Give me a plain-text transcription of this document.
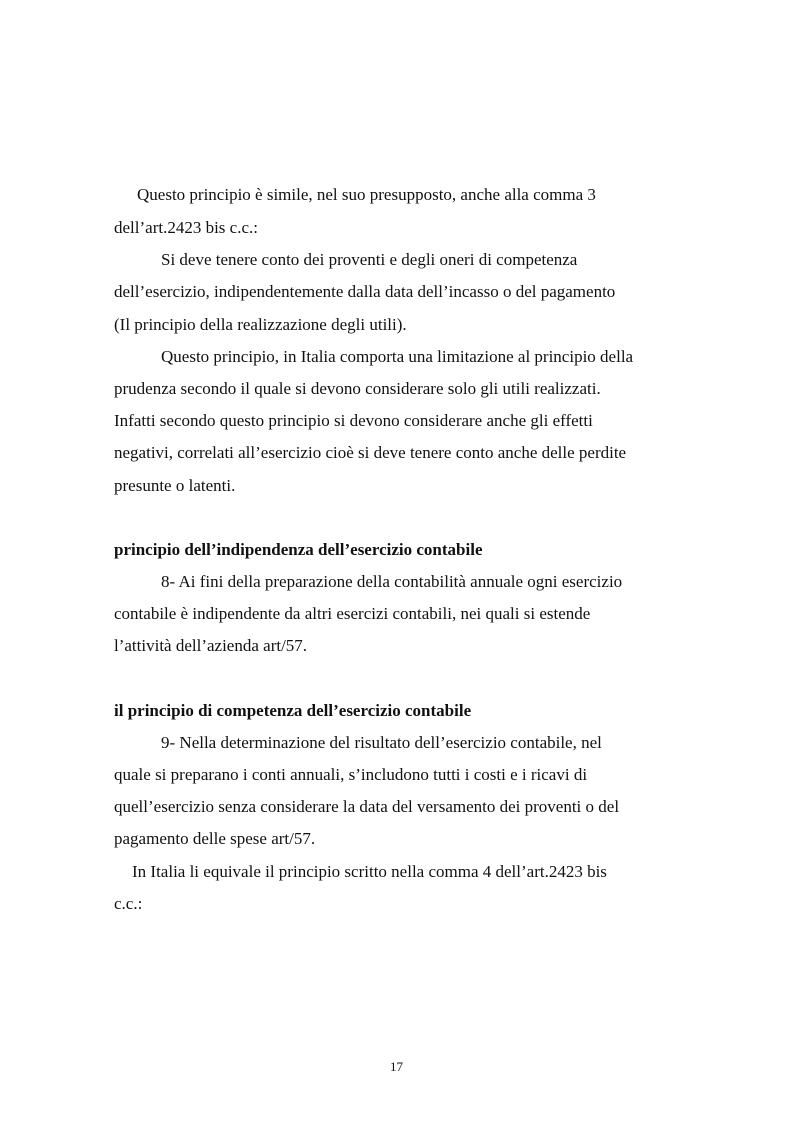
Questo principio è simile, nel suo presupposto, anche alla comma 3
dell’art.2423 bis c.c.:
Si deve tenere conto dei proventi e degli oneri di competenza
dell’esercizio, indipendentemente dalla data dell’incasso o del pagamento
(Il principio della realizzazione degli utili).
Questo principio, in Italia comporta una limitazione al principio della
prudenza secondo il quale si devono considerare solo gli utili realizzati.
Infatti secondo questo principio si devono considerare anche gli effetti
negativi, correlati all’esercizio cioè si deve tenere conto anche delle perdite
presunte o latenti.
principio dell’indipendenza dell’esercizio contabile
8- Ai fini della preparazione della contabilità annuale ogni esercizio
contabile è indipendente da altri esercizi contabili, nei quali si estende
l’attività dell’azienda art/57.
il principio di competenza dell’esercizio contabile
9- Nella determinazione del risultato dell’esercizio contabile, nel
quale si preparano i conti annuali, s’includono tutti i costi e i ricavi di
quell’esercizio senza considerare la data del versamento dei proventi o del
pagamento delle spese art/57.
In Italia li equivale il principio scritto nella comma 4 dell’art.2423 bis
c.c.:
17
